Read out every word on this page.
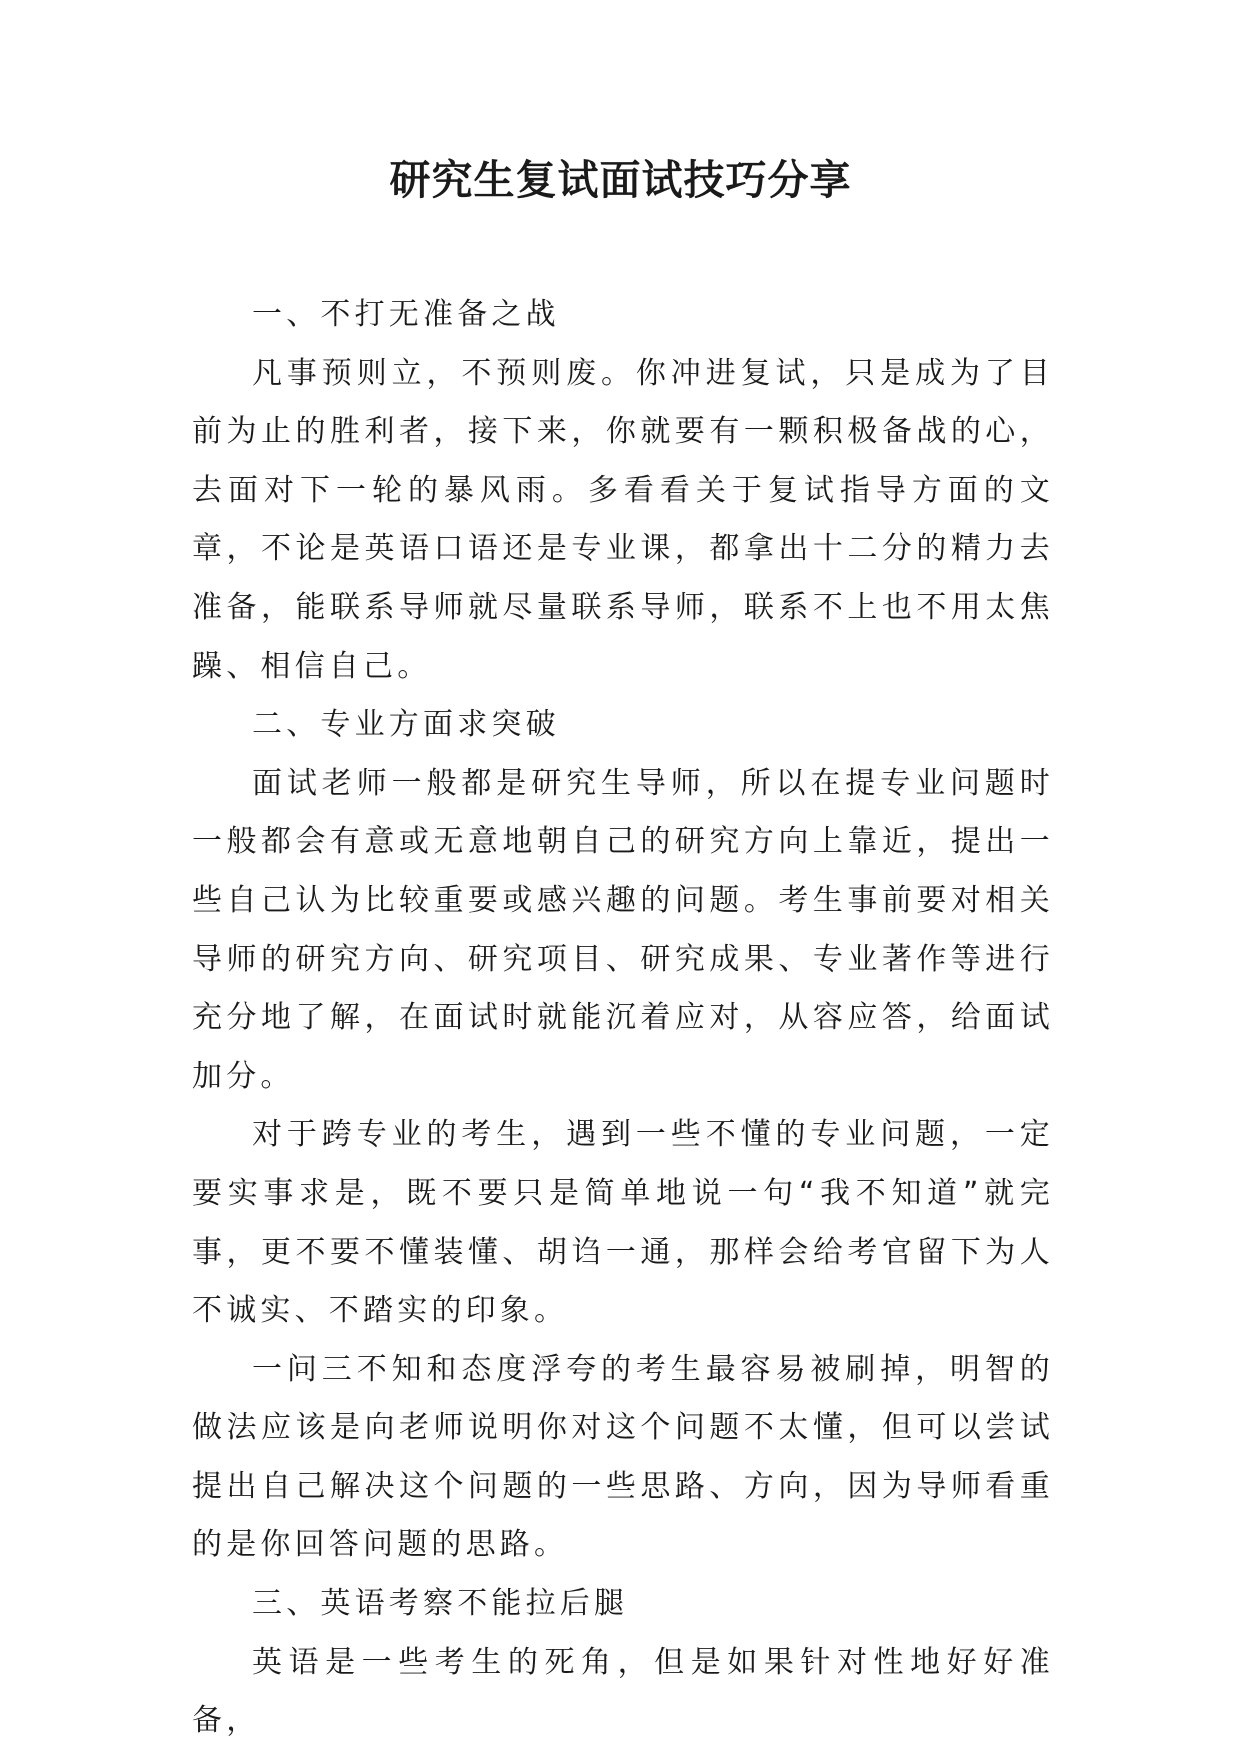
研究生复试面试技巧分享

一、不打无准备之战

凡事预则立，不预则废。你冲进复试，只是成为了目前为止的胜利者，接下来，你就要有一颗积极备战的心，去面对下一轮的暴风雨。多看看关于复试指导方面的文章，不论是英语口语还是专业课，都拿出十二分的精力去准备，能联系导师就尽量联系导师，联系不上也不用太焦躁、相信自己。

二、专业方面求突破

面试老师一般都是研究生导师，所以在提专业问题时一般都会有意或无意地朝自己的研究方向上靠近，提出一些自己认为比较重要或感兴趣的问题。考生事前要对相关导师的研究方向、研究项目、研究成果、专业著作等进行充分地了解，在面试时就能沉着应对，从容应答，给面试加分。

对于跨专业的考生，遇到一些不懂的专业问题，一定要实事求是，既不要只是简单地说一句“我不知道”就完事，更不要不懂装懂、胡诌一通，那样会给考官留下为人不诚实、不踏实的印象。

一问三不知和态度浮夸的考生最容易被刷掉，明智的做法应该是向老师说明你对这个问题不太懂，但可以尝试提出自己解决这个问题的一些思路、方向，因为导师看重的是你回答问题的思路。

三、英语考察不能拉后腿

英语是一些考生的死角，但是如果针对性地好好准备，
